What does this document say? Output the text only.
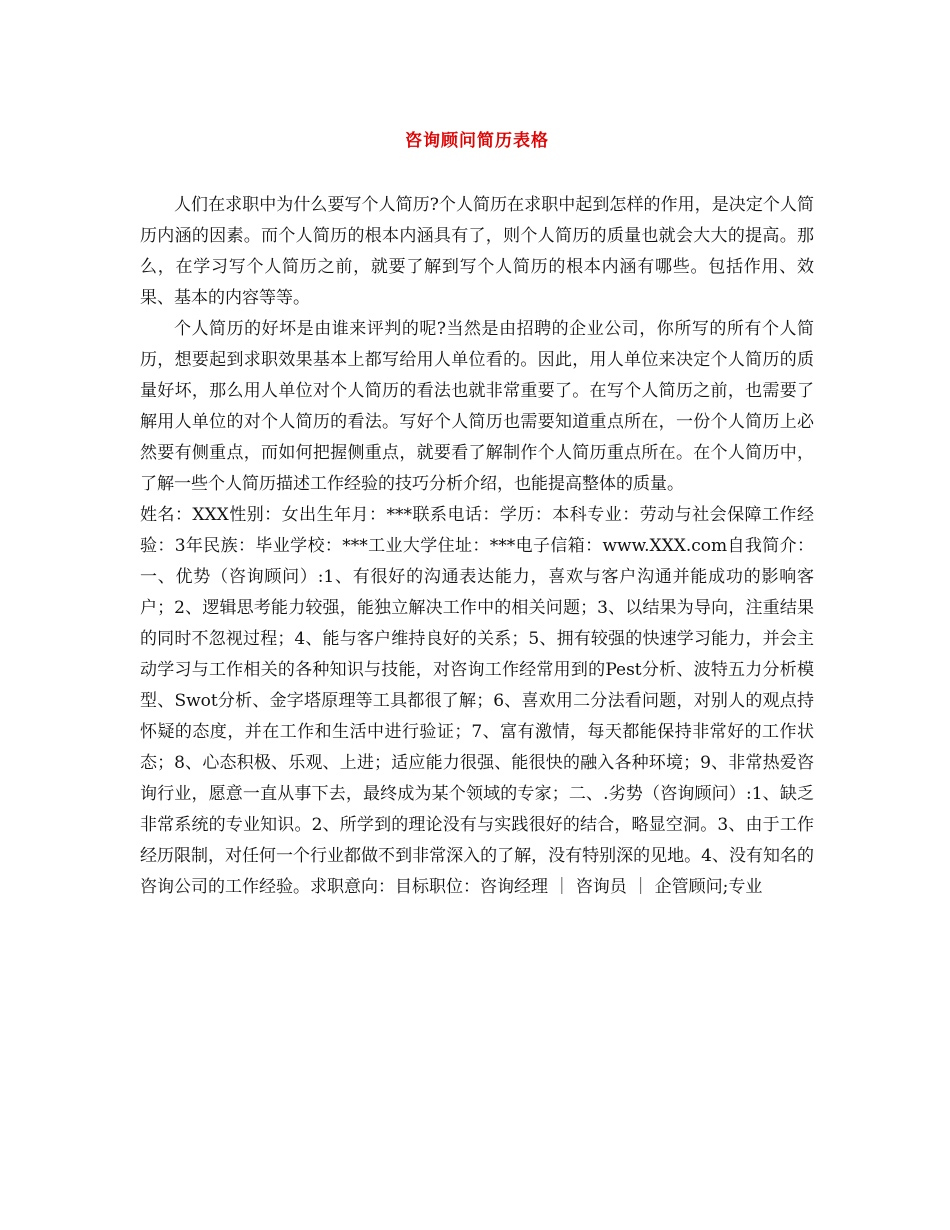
咨询顾问简历表格

人们在求职中为什么要写个人简历?个人简历在求职中起到怎样的作用，是决定个人简历内涵的因素。而个人简历的根本内涵具有了，则个人简历的质量也就会大大的提高。那么，在学习写个人简历之前，就要了解到写个人简历的根本内涵有哪些。包括作用、效果、基本的内容等等。

个人简历的好坏是由谁来评判的呢?当然是由招聘的企业公司，你所写的所有个人简历，想要起到求职效果基本上都写给用人单位看的。因此，用人单位来决定个人简历的质量好坏，那么用人单位对个人简历的看法也就非常重要了。在写个人简历之前，也需要了解用人单位的对个人简历的看法。写好个人简历也需要知道重点所在，一份个人简历上必然要有侧重点，而如何把握侧重点，就要看了解制作个人简历重点所在。在个人简历中，了解一些个人简历描述工作经验的技巧分析介绍，也能提高整体的质量。

姓名：XXX性别：女出生年月：***联系电话：学历：本科专业：劳动与社会保障工作经验：3年民族：毕业学校：***工业大学住址：***电子信箱：www.XXX.com自我简介：一、优势（咨询顾问）:1、有很好的沟通表达能力，喜欢与客户沟通并能成功的影响客户；2、逻辑思考能力较强，能独立解决工作中的相关问题；3、以结果为导向，注重结果的同时不忽视过程；4、能与客户维持良好的关系；5、拥有较强的快速学习能力，并会主动学习与工作相关的各种知识与技能，对咨询工作经常用到的Pest分析、波特五力分析模型、Swot分析、金字塔原理等工具都很了解；6、喜欢用二分法看问题，对别人的观点持怀疑的态度，并在工作和生活中进行验证；7、富有激情，每天都能保持非常好的工作状态；8、心态积极、乐观、上进；适应能力很强、能很快的融入各种环境；9、非常热爱咨询行业，愿意一直从事下去，最终成为某个领域的专家；二、.劣势（咨询顾问）:1、缺乏非常系统的专业知识。2、所学到的理论没有与实践很好的结合，略显空洞。3、由于工作经历限制，对任何一个行业都做不到非常深入的了解，没有特别深的见地。4、没有知名的咨询公司的工作经验。求职意向：目标职位：咨询经理 ｜ 咨询员 ｜ 企管顾问;专业
